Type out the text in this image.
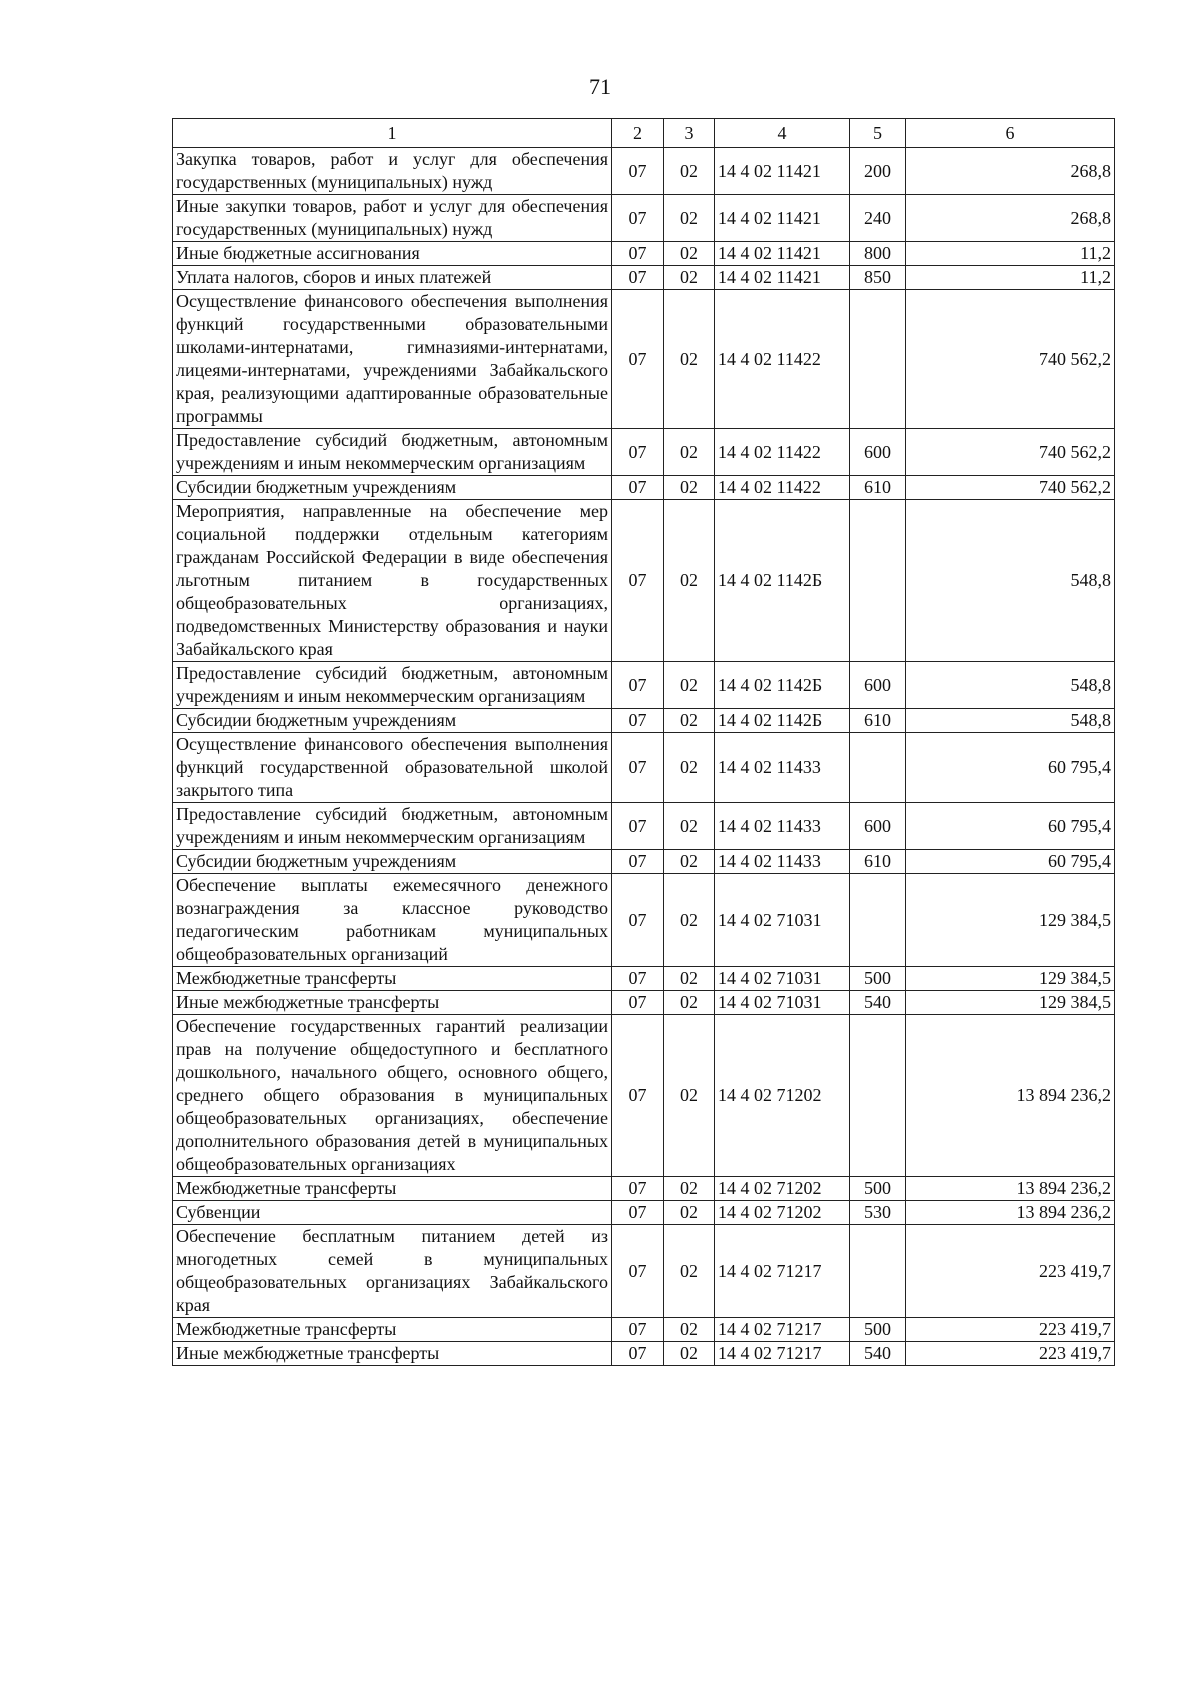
71
1	2	3	4	5	6
Закупка товаров, работ и услуг для обеспечения государственных (муниципальных) нужд	07	02	14 4 02 11421	200	268,8
Иные закупки товаров, работ и услуг для обеспечения государственных (муниципальных) нужд	07	02	14 4 02 11421	240	268,8
Иные бюджетные ассигнования	07	02	14 4 02 11421	800	11,2
Уплата налогов, сборов и иных платежей	07	02	14 4 02 11421	850	11,2
Осуществление финансового обеспечения выполнения функций государственными образовательными школами-интернатами, гимназиями-интернатами, лицеями-интернатами, учреждениями Забайкальского края, реализующими адаптированные образовательные программы	07	02	14 4 02 11422		740 562,2
Предоставление субсидий бюджетным, автономным учреждениям и иным некоммерческим организациям	07	02	14 4 02 11422	600	740 562,2
Субсидии бюджетным учреждениям	07	02	14 4 02 11422	610	740 562,2
Мероприятия, направленные на обеспечение мер социальной поддержки отдельным категориям гражданам Российской Федерации в виде обеспечения льготным питанием в государственных общеобразовательных организациях, подведомственных Министерству образования и науки Забайкальского края	07	02	14 4 02 1142Б		548,8
Предоставление субсидий бюджетным, автономным учреждениям и иным некоммерческим организациям	07	02	14 4 02 1142Б	600	548,8
Субсидии бюджетным учреждениям	07	02	14 4 02 1142Б	610	548,8
Осуществление финансового обеспечения выполнения функций государственной образовательной школой закрытого типа	07	02	14 4 02 11433		60 795,4
Предоставление субсидий бюджетным, автономным учреждениям и иным некоммерческим организациям	07	02	14 4 02 11433	600	60 795,4
Субсидии бюджетным учреждениям	07	02	14 4 02 11433	610	60 795,4
Обеспечение выплаты ежемесячного денежного вознаграждения за классное руководство педагогическим работникам муниципальных общеобразовательных организаций	07	02	14 4 02 71031		129 384,5
Межбюджетные трансферты	07	02	14 4 02 71031	500	129 384,5
Иные межбюджетные трансферты	07	02	14 4 02 71031	540	129 384,5
Обеспечение государственных гарантий реализации прав на получение общедоступного и бесплатного дошкольного, начального общего, основного общего, среднего общего образования в муниципальных общеобразовательных организациях, обеспечение дополнительного образования детей в муниципальных общеобразовательных организациях	07	02	14 4 02 71202		13 894 236,2
Межбюджетные трансферты	07	02	14 4 02 71202	500	13 894 236,2
Субвенции	07	02	14 4 02 71202	530	13 894 236,2
Обеспечение бесплатным питанием детей из многодетных семей в муниципальных общеобразовательных организациях Забайкальского края	07	02	14 4 02 71217		223 419,7
Межбюджетные трансферты	07	02	14 4 02 71217	500	223 419,7
Иные межбюджетные трансферты	07	02	14 4 02 71217	540	223 419,7
